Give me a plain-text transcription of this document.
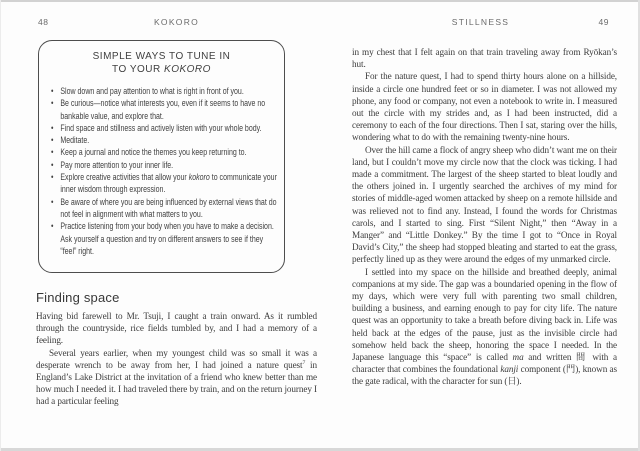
48	KOKORO	STILLNESS	49
SIMPLE WAYS TO TUNE IN
TO YOUR KOKORO
• Slow down and pay attention to what is right in front of you.
• Be curious—notice what interests you, even if it seems to have no bankable value, and explore that.
• Find space and stillness and actively listen with your whole body.
• Meditate.
• Keep a journal and notice the themes you keep returning to.
• Pay more attention to your inner life.
• Explore creative activities that allow your kokoro to communicate your inner wisdom through expression.
• Be aware of where you are being influenced by external views that do not feel in alignment with what matters to you.
• Practice listening from your body when you have to make a decision. Ask yourself a question and try on different answers to see if they “feel” right.
Finding space

Having bid farewell to Mr. Tsuji, I caught a train onward. As it rumbled through the countryside, rice fields tumbled by, and I had a memory of a feeling.

Several years earlier, when my youngest child was so small it was a desperate wrench to be away from her, I had joined a nature quest$^7$ in England’s Lake District at the invitation of a friend who knew better than me how much I needed it. I had traveled there by train, and on the return journey I had a particular feeling

in my chest that I felt again on that train traveling away from Ryōkan’s hut.

For the nature quest, I had to spend thirty hours alone on a hillside, inside a circle one hundred feet or so in diameter. I was not allowed my phone, any food or company, not even a notebook to write in. I measured out the circle with my strides and, as I had been instructed, did a ceremony to each of the four directions. Then I sat, staring over the hills, wondering what to do with the remaining twenty-nine hours.

Over the hill came a flock of angry sheep who didn’t want me on their land, but I couldn’t move my circle now that the clock was ticking. I had made a commitment. The largest of the sheep started to bleat loudly and the others joined in. I urgently searched the archives of my mind for stories of middle-aged women attacked by sheep on a remote hillside and was relieved not to find any. Instead, I found the words for Christmas carols, and I started to sing. First “Silent Night,” then “Away in a Manger” and “Little Donkey.” By the time I got to “Once in Royal David’s City,” the sheep had stopped bleating and started to eat the grass, perfectly lined up as they were around the edges of my unmarked circle.

I settled into my space on the hillside and breathed deeply, animal companions at my side. The gap was a boundaried opening in the flow of my days, which were very full with parenting two small children, building a business, and earning enough to pay for city life. The nature quest was an opportunity to take a breath before diving back in. Life was held back at the edges of the pause, just as the invisible circle had somehow held back the sheep, honoring the space I needed. In the Japanese language this “space” is called ma and written 間 with a character that combines the foundational kanji component (門), known as the gate radical, with the character for sun (日).
